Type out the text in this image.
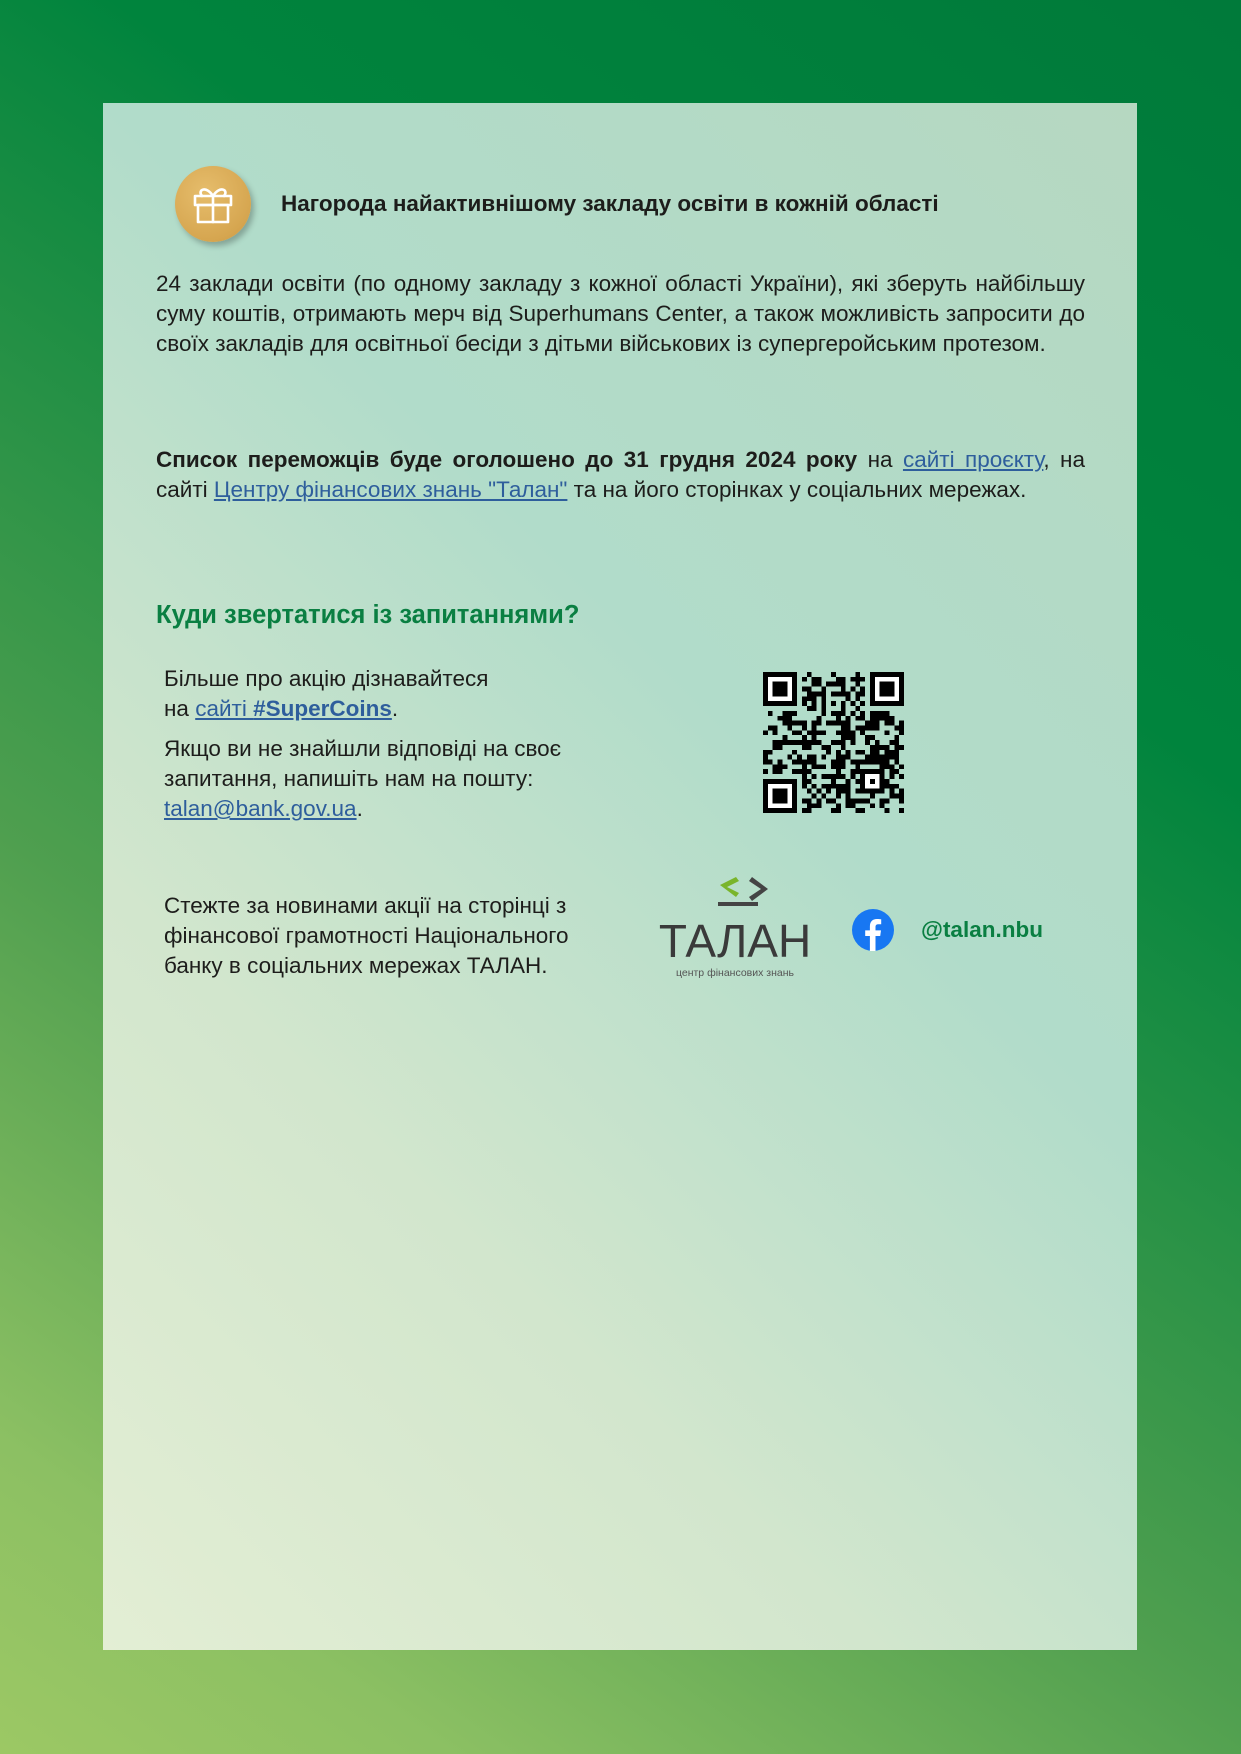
Нагорода найактивнішому закладу освіти в кожній області

24 заклади освіти (по одному закладу з кожної області України), які зберуть найбільшу суму коштів, отримають мерч від Superhumans Center, а також можливість запросити до своїх закладів для освітньої бесіди з дітьми військових із супергеройським протезом.

Список переможців буде оголошено до 31 грудня 2024 року на сайті проєкту, на сайті Центру фінансових знань "Талан" та на його сторінках у соціальних мережах.

Куди звертатися із запитаннями?

Більше про акцію дізнавайтеся
на сайті #SuperCoins.

Якщо ви не знайшли відповіді на своє запитання, напишіть нам на пошту:
talan@bank.gov.ua.

Стежте за новинами акції на сторінці з фінансової грамотності Національного банку в соціальних мережах ТАЛАН.	ТАЛАН
центр фінансових знань
@talan.nbu
